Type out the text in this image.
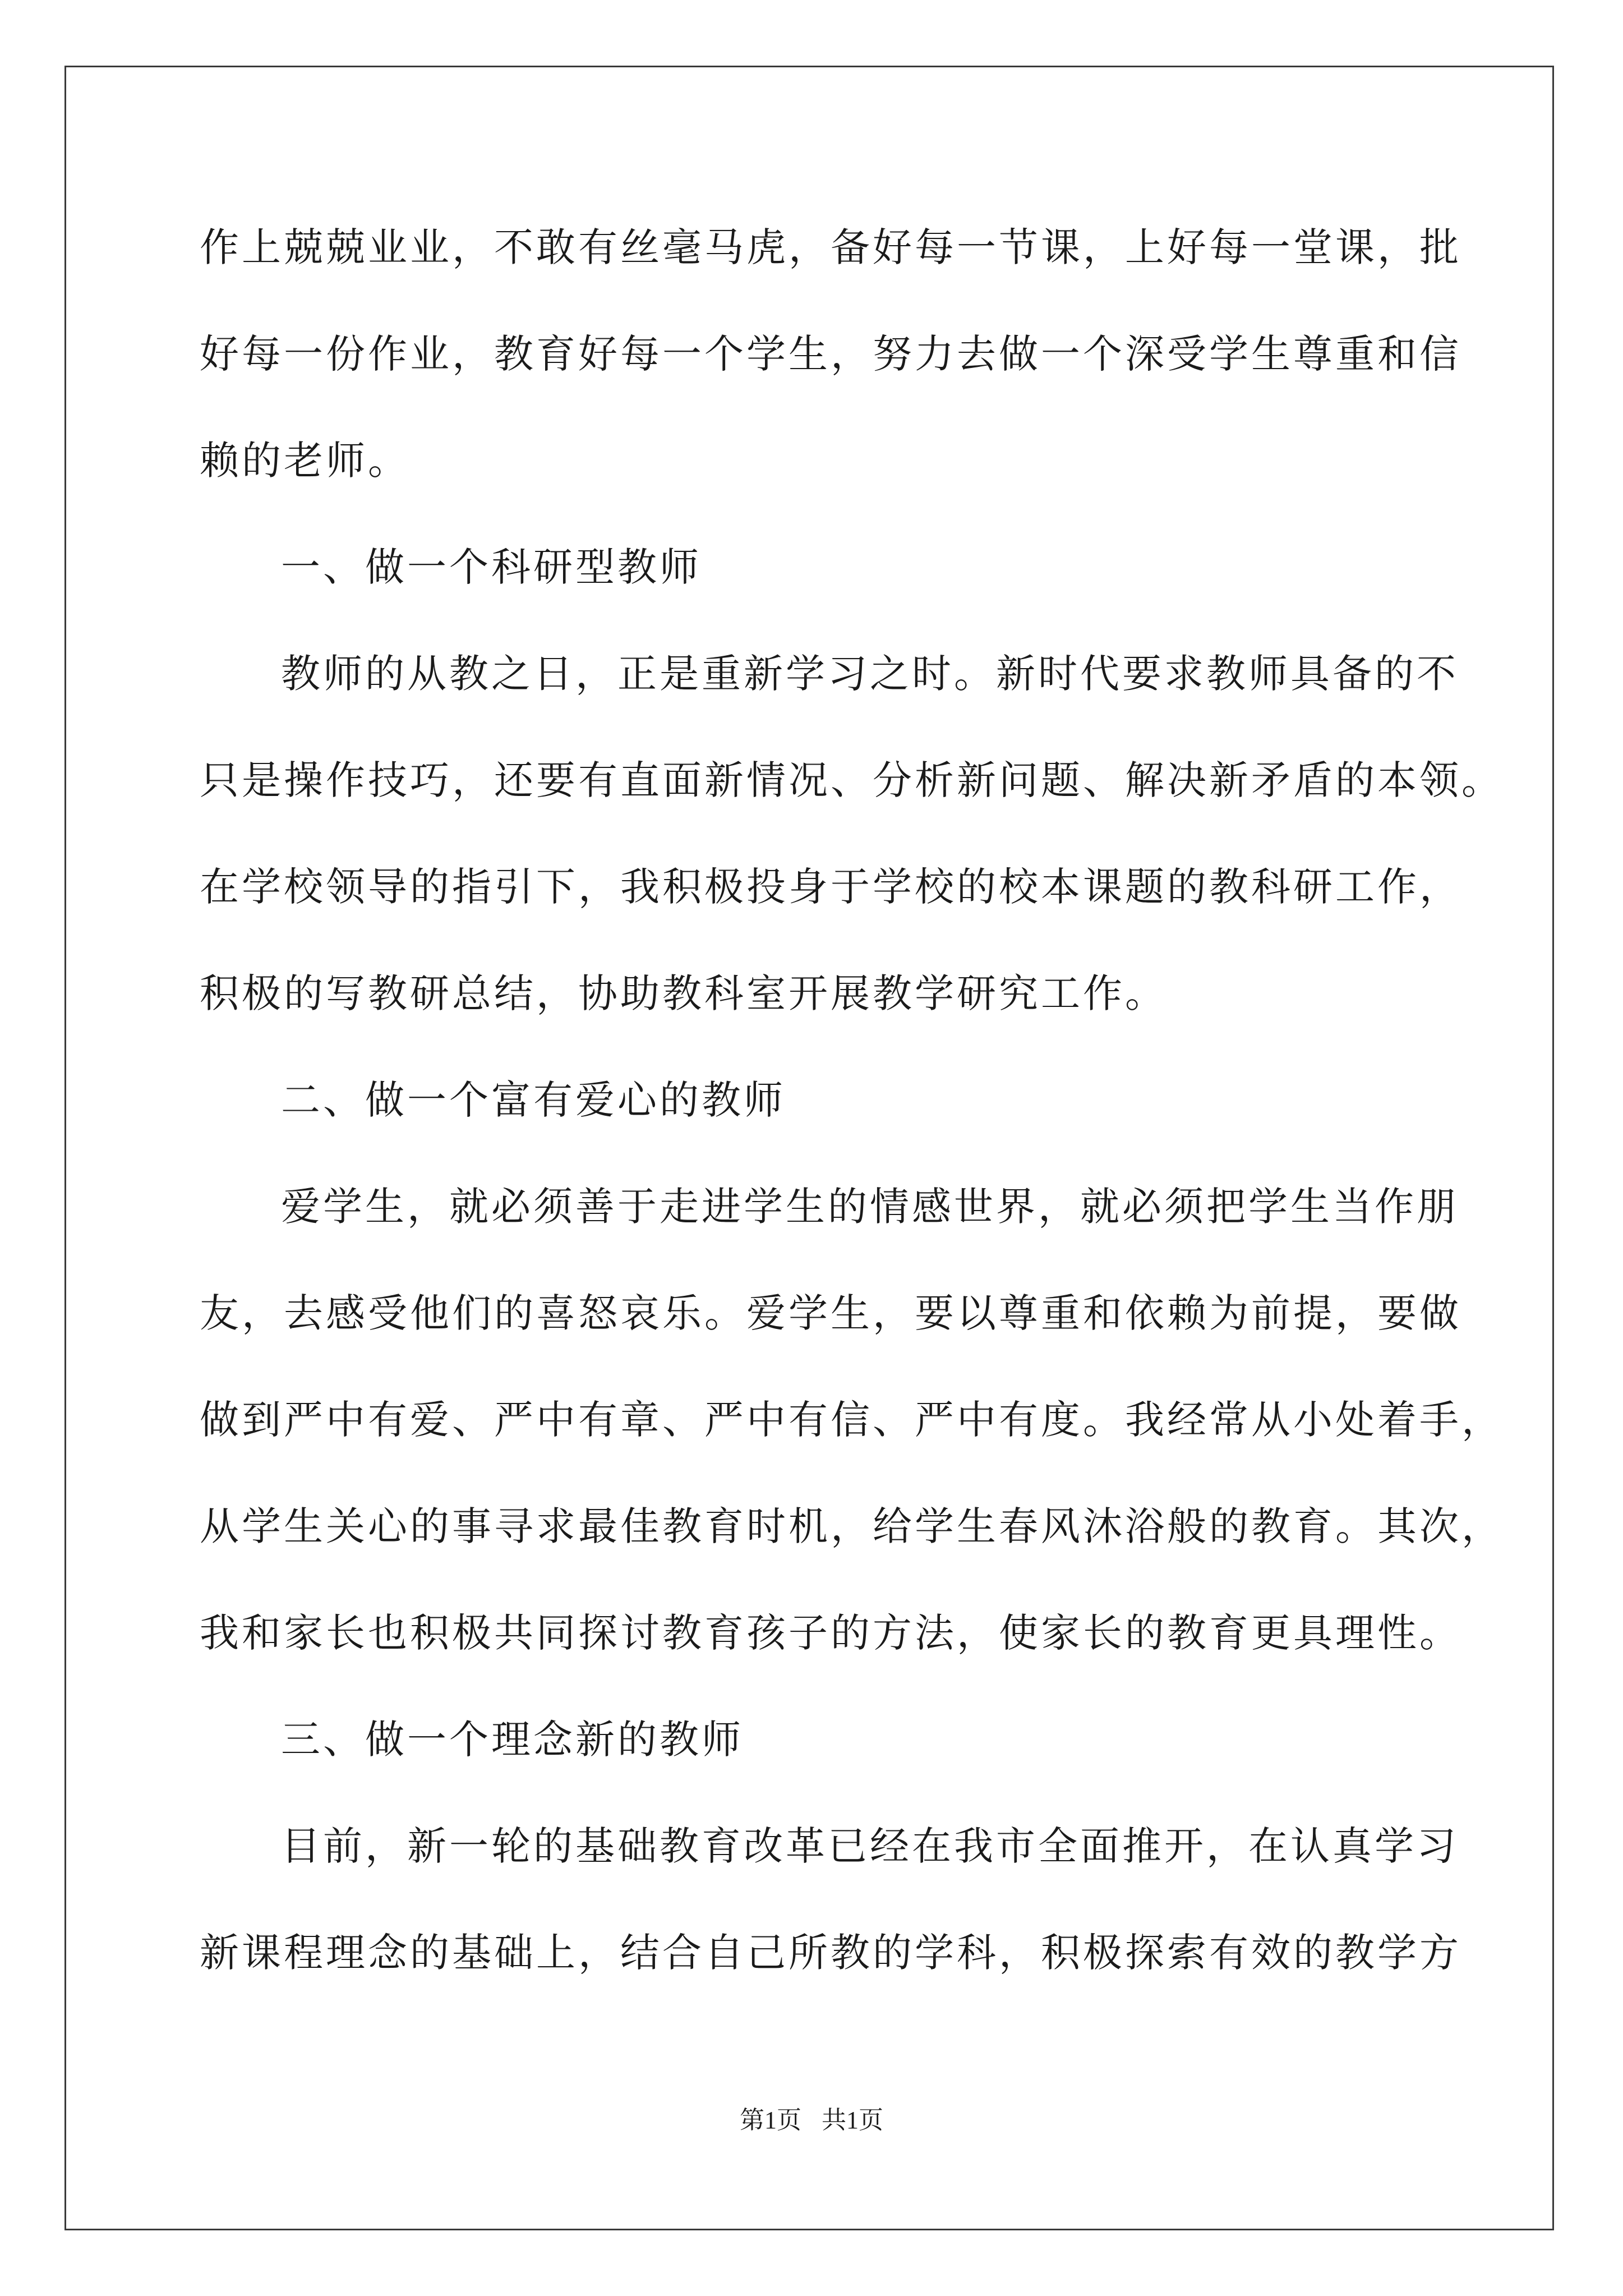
作上兢兢业业，不敢有丝毫马虎，备好每一节课，上好每一堂课，批
好每一份作业，教育好每一个学生，努力去做一个深受学生尊重和信
赖的老师。
一、做一个科研型教师
教师的从教之日，正是重新学习之时。新时代要求教师具备的不
只是操作技巧，还要有直面新情况、分析新问题、解决新矛盾的本领。
在学校领导的指引下，我积极投身于学校的校本课题的教科研工作，
积极的写教研总结，协助教科室开展教学研究工作。
二、做一个富有爱心的教师
爱学生，就必须善于走进学生的情感世界，就必须把学生当作朋
友，去感受他们的喜怒哀乐。爱学生，要以尊重和依赖为前提，要做
做到严中有爱、严中有章、严中有信、严中有度。我经常从小处着手，
从学生关心的事寻求最佳教育时机，给学生春风沐浴般的教育。其次，
我和家长也积极共同探讨教育孩子的方法，使家长的教育更具理性。
三、做一个理念新的教师
目前，新一轮的基础教育改革已经在我市全面推开，在认真学习
新课程理念的基础上，结合自己所教的学科，积极探索有效的教学方
第1页 共1页
